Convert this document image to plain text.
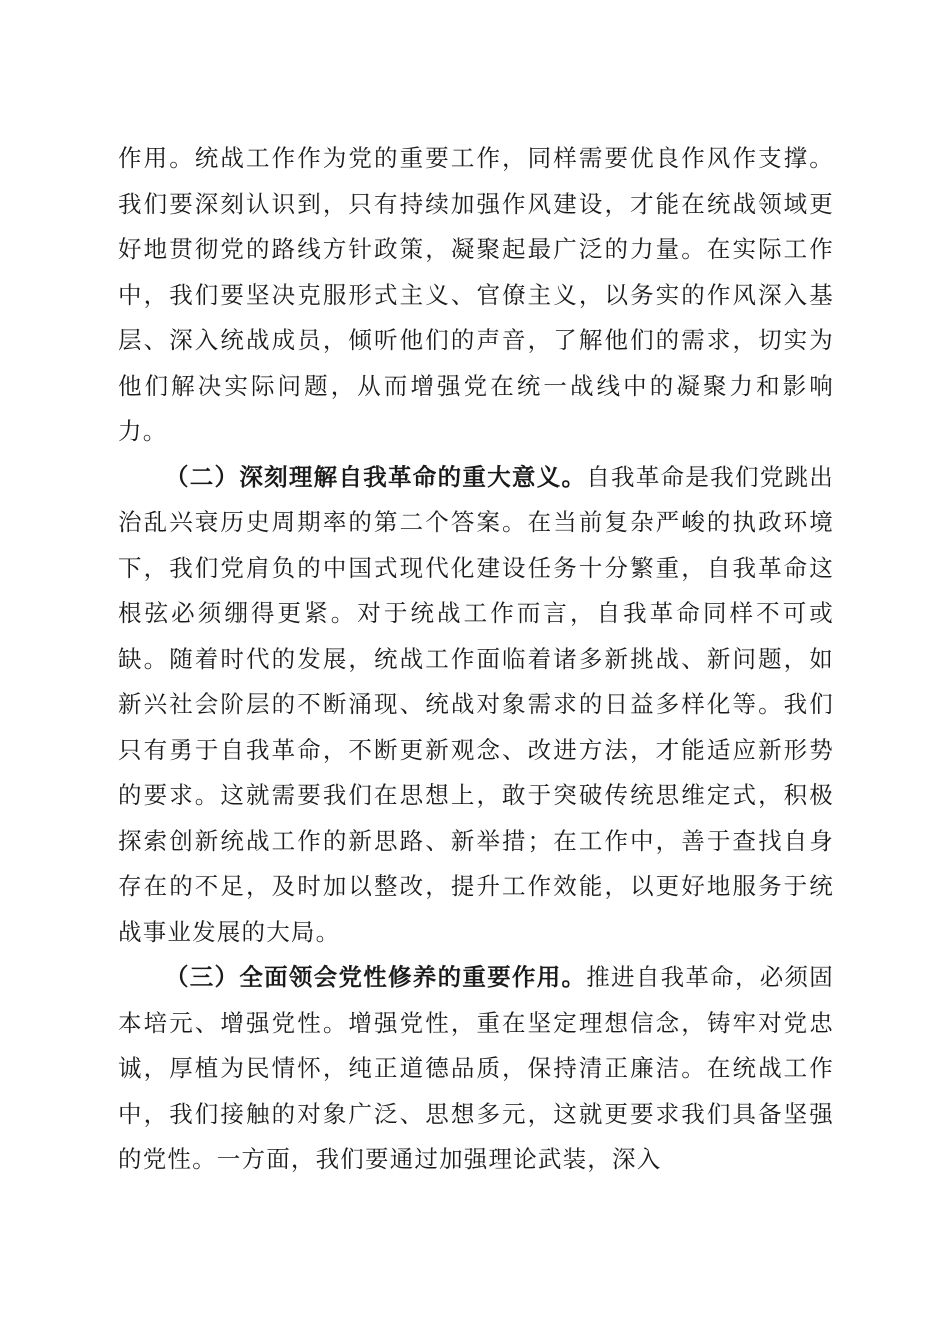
作用。统战工作作为党的重要工作，同样需要优良作风作支撑。我们要深刻认识到，只有持续加强作风建设，才能在统战领域更好地贯彻党的路线方针政策，凝聚起最广泛的力量。在实际工作中，我们要坚决克服形式主义、官僚主义，以务实的作风深入基层、深入统战成员，倾听他们的声音，了解他们的需求，切实为他们解决实际问题，从而增强党在统一战线中的凝聚力和影响力。

（二）深刻理解自我革命的重大意义。自我革命是我们党跳出治乱兴衰历史周期率的第二个答案。在当前复杂严峻的执政环境下，我们党肩负的中国式现代化建设任务十分繁重，自我革命这根弦必须绷得更紧。对于统战工作而言，自我革命同样不可或缺。随着时代的发展，统战工作面临着诸多新挑战、新问题，如新兴社会阶层的不断涌现、统战对象需求的日益多样化等。我们只有勇于自我革命，不断更新观念、改进方法，才能适应新形势的要求。这就需要我们在思想上，敢于突破传统思维定式，积极探索创新统战工作的新思路、新举措；在工作中，善于查找自身存在的不足，及时加以整改，提升工作效能，以更好地服务于统战事业发展的大局。

（三）全面领会党性修养的重要作用。推进自我革命，必须固本培元、增强党性。增强党性，重在坚定理想信念，铸牢对党忠诚，厚植为民情怀，纯正道德品质，保持清正廉洁。在统战工作中，我们接触的对象广泛、思想多元，这就更要求我们具备坚强的党性。一方面，我们要通过加强理论武装，深入
